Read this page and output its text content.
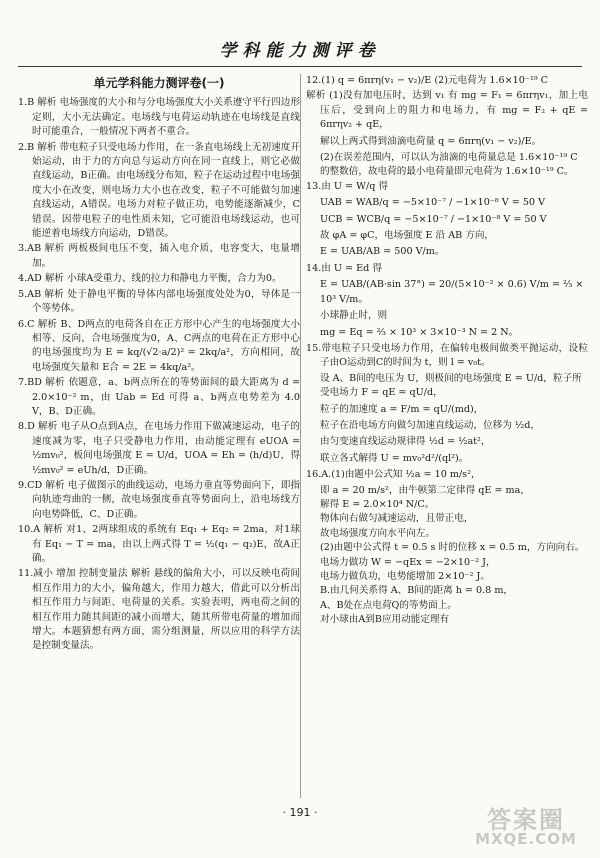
学科能力测评卷
单元学科能力测评卷(一)
1.B 解析 电场强度的大小和与分电场强度大小关系遵守平行四边形定则，大小无法确定。电场线与电荷运动轨迹在电场线是直线时可能重合，一般情况下两者不重合。
2.B 解析 带电粒子只受电场力作用，在一条直电场线上无初速度开始运动，由于力的方向总与运动方向在同一直线上，则它必做直线运动，B正确。由电场线分布知，粒子在运动过程中电场强度大小在改变，则电场力大小也在改变，粒子不可能做匀加速直线运动，A错误。电场力对粒子做正功，电势能逐渐减少，C错误。因带电粒子的电性质未知，它可能沿电场线运动，也可能逆着电场线方向运动，D错误。
3.AB 解析 两板极间电压不变，插入电介质，电容变大，电量增加。
4.AD 解析 小球A受重力、线的拉力和静电力平衡，合力为0。
5.AB 解析 处于静电平衡的导体内部电场强度处处为0，导体是一个等势体。
6.C 解析 B、D两点的电荷各自在正方形中心产生的电场强度大小相等、反向，合电场强度为0，A、C两点的电荷在正方形中心的电场强度均为 E = kq/(√2·a/2)² = 2kq/a²，方向相同，故电场强度矢量和 E合 = 2E = 4kq/a²。
7.BD 解析 依题意，a、b两点所在的等势面间的最大距离为 d = 2.0×10⁻² m，由 Uab = Ed 可得 a、b两点电势差为 4.0 V，B、D正确。
8.D 解析 电子从O点到A点，在电场力作用下做减速运动，电子的速度减为零，电子只受静电力作用，由动能定理有 eUOA = ½mv₀²，板间电场强度 E = U/d，UOA = Eh = (h/d)U，得 ½mv₀² = eUh/d，D正确。
9.CD 解析 电子做图示的曲线运动，电场力垂直等势面向下，即指向轨迹弯曲的一侧，故电场强度垂直等势面向上，沿电场线方向电势降低，C、D正确。
10.A 解析 对1、2两球组成的系统有 Eq₁ + Eq₂ = 2ma，对1球有 Eq₁ − T = ma，由以上两式得 T = ½(q₁ − q₂)E，故A正确。
11.减小 增加 控制变量法 解析 悬线的偏角大小，可以反映电荷间相互作用力的大小，偏角越大，作用力越大，借此可以分析出相互作用力与间距、电荷量的关系。实验表明，两电荷之间的相互作用力随其间距的减小而增大，随其所带电荷量的增加而增大。本题猜想有两方面，需分组测量，所以应用的科学方法是控制变量法。
12.(1) q = 6πrη(v₁ − v₂)/E (2)元电荷为 1.6×10⁻¹⁹ C
解析 (1)没有加电压时，达到 v₁ 有 mg = F₁ = 6πrηv₁，加上电压后，受到向上的阻力和电场力，有 mg = F₂ + qE = 6πrηv₂ + qE，
解以上两式得到油滴电荷量 q = 6πrη(v₁ − v₂)/E。
(2)在误差范围内，可以认为油滴的电荷量总是 1.6×10⁻¹⁹ C 的整数倍，故电荷的最小电荷量即元电荷为 1.6×10⁻¹⁹ C。
13.由 U = W/q 得
UAB = WAB/q = −5×10⁻⁷ / −1×10⁻⁸ V = 50 V
UCB = WCB/q = −5×10⁻⁷ / −1×10⁻⁸ V = 50 V
故 φA = φC，电场强度 E 沿 AB 方向，
E = UAB/AB = 500 V/m。
14.由 U = Ed 得
E = UAB/(AB·sin 37°) = 20/(5×10⁻² × 0.6) V/m = ⅔ × 10³ V/m。
小球静止时，则
mg = Eq = ⅔ × 10³ × 3×10⁻³ N = 2 N。
15.带电粒子只受电场力作用，在偏转电极间做类平抛运动，设粒子由O运动到C的时间为 t，则 l = v₀t。
设 A、B间的电压为 U，则极间的电场强度 E = U/d，粒子所受电场力 F = qE = qU/d，
粒子的加速度 a = F/m = qU/(md)，
粒子在沿电场方向做匀加速直线运动，位移为 ½d，
由匀变速直线运动规律得 ½d = ½at²，
联立各式解得 U = mv₀²d²/(ql²)。
16.A.(1)由题中公式知 ½a = 10 m/s²，
即 a = 20 m/s²，由牛顿第二定律得 qE = ma，
解得 E = 2.0×10⁴ N/C。
物体向右做匀减速运动，且带正电，
故电场强度方向水平向左。
(2)由题中公式得 t = 0.5 s 时的位移 x = 0.5 m，方向向右。
电场力做功 W = −qEx = −2×10⁻² J，
电场力做负功，电势能增加 2×10⁻² J。
B.由几何关系得 A、B间的距离 h = 0.8 m，
A、B处在点电荷Q的等势面上。
对小球由A到B应用动能定理有
· 191 ·	答案圈
MXQE.COM
